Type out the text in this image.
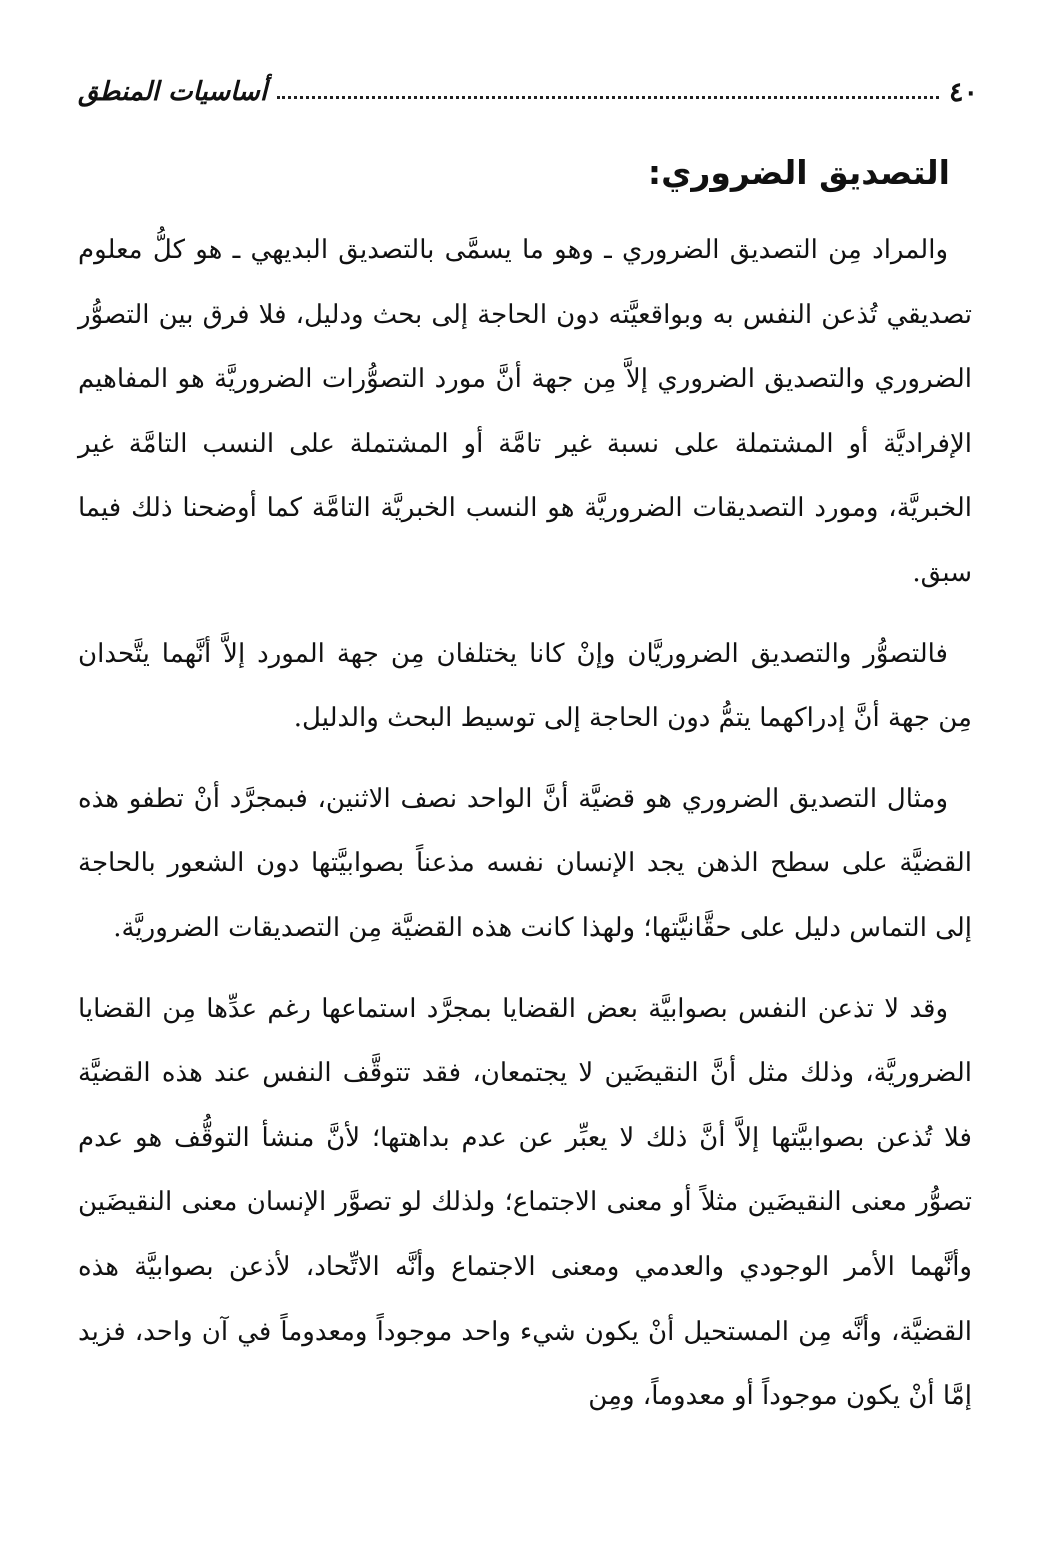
٤٠
أساسيات المنطق
التصديق الضروري:

والمراد مِن التصديق الضروري ـ وهو ما يسمَّى بالتصديق البديهي ـ هو كلُّ معلوم تصديقي تُذعن النفس به وبواقعيَّته دون الحاجة إلى بحث ودليل، فلا فرق بين التصوُّر الضروري والتصديق الضروري إلاَّ مِن جهة أنَّ مورد التصوُّرات الضروريَّة هو المفاهيم الإفراديَّة أو المشتملة على نسبة غير تامَّة أو المشتملة على النسب التامَّة غير الخبريَّة، ومورد التصديقات الضروريَّة هو النسب الخبريَّة التامَّة كما أوضحنا ذلك فيما سبق.

فالتصوُّر والتصديق الضروريَّان وإنْ كانا يختلفان مِن جهة المورد إلاَّ أنَّهما يتَّحدان مِن جهة أنَّ إدراكهما يتمُّ دون الحاجة إلى توسيط البحث والدليل.

ومثال التصديق الضروري هو قضيَّة أنَّ الواحد نصف الاثنين، فبمجرَّد أنْ تطفو هذه القضيَّة على سطح الذهن يجد الإنسان نفسه مذعناً بصوابيَّتها دون الشعور بالحاجة إلى التماس دليل على حقَّانيَّتها؛ ولهذا كانت هذه القضيَّة مِن التصديقات الضروريَّة.

وقد لا تذعن النفس بصوابيَّة بعض القضايا بمجرَّد استماعها رغم عدِّها مِن القضايا الضروريَّة، وذلك مثل أنَّ النقيضَين لا يجتمعان، فقد تتوقَّف النفس عند هذه القضيَّة فلا تُذعن بصوابيَّتها إلاَّ أنَّ ذلك لا يعبِّر عن عدم بداهتها؛ لأنَّ منشأ التوقُّف هو عدم تصوُّر معنى النقيضَين مثلاً أو معنى الاجتماع؛ ولذلك لو تصوَّر الإنسان معنى النقيضَين وأنَّهما الأمر الوجودي والعدمي ومعنى الاجتماع وأنَّه الاتِّحاد، لأذعن بصوابيَّة هذه القضيَّة، وأنَّه مِن المستحيل أنْ يكون شيء واحد موجوداً ومعدوماً في آن واحد، فزيد إمَّا أنْ يكون موجوداً أو معدوماً، ومِن
